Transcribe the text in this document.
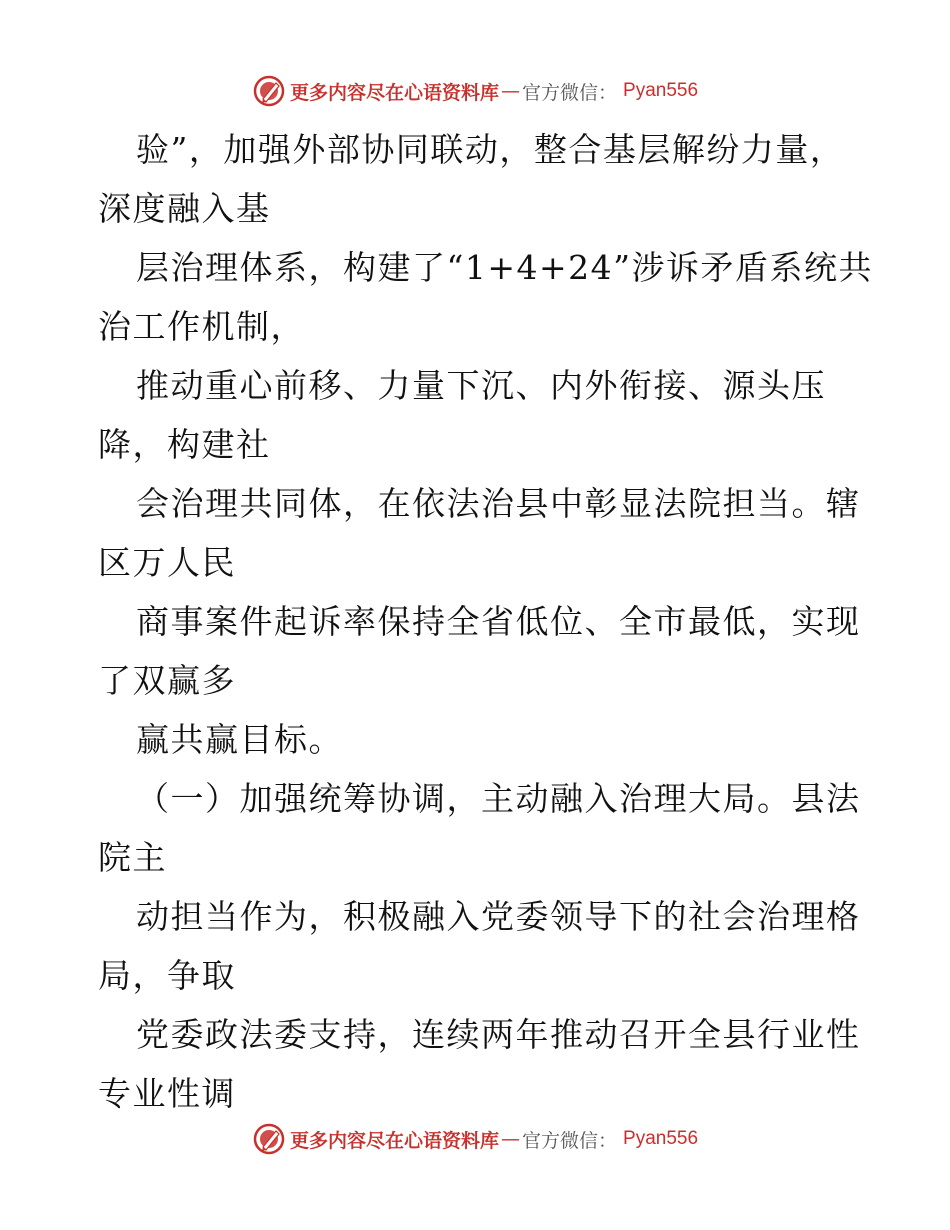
更多内容尽在心语资料库 — 官方微信 ： Pyan556
验”，加强外部协同联动，整合基层解纷力量，
深度融入基
层治理体系，构建了“1+4+24”涉诉矛盾系统共
治工作机制，
推动重心前移、力量下沉、内外衔接、源头压
降，构建社
会治理共同体，在依法治县中彰显法院担当。辖
区万人民
商事案件起诉率保持全省低位、全市最低，实现
了双赢多
赢共赢目标。
（一）加强统筹协调，主动融入治理大局。县法
院主
动担当作为，积极融入党委领导下的社会治理格
局，争取
党委政法委支持，连续两年推动召开全县行业性
专业性调
更多内容尽在心语资料库 — 官方微信 ： Pyan556
